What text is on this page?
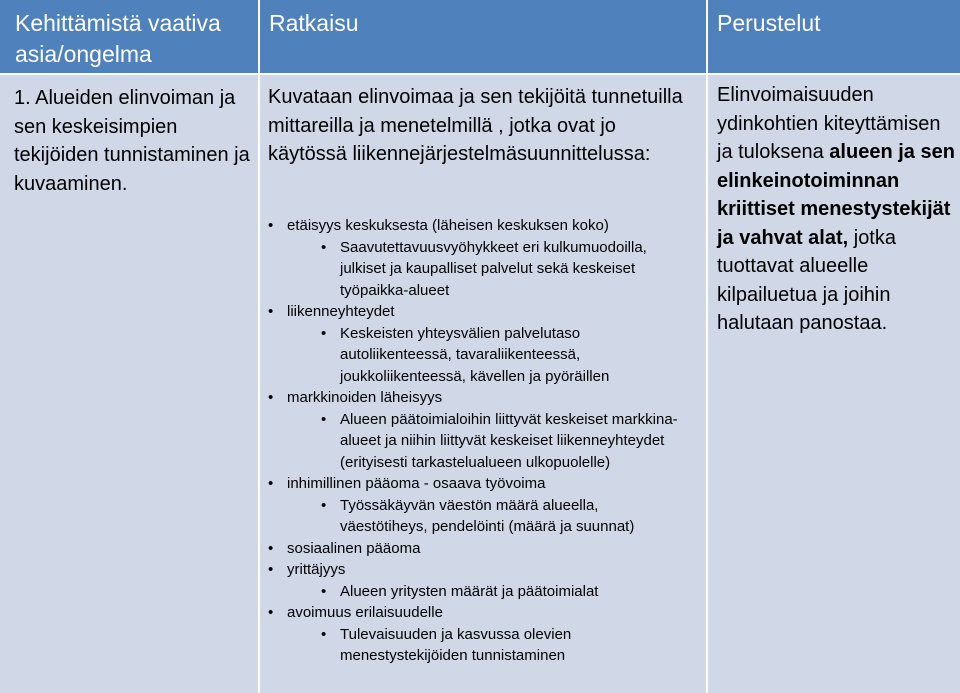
Kehittämistä vaativa asia/ongelma
Ratkaisu	Perustelut
1. Alueiden elinvoiman ja sen keskeisimpien tekijöiden tunnistaminen ja kuvaaminen.
Kuvataan elinvoimaa ja sen tekijöitä tunnetuilla mittareilla ja menetelmillä , jotka ovat jo käytössä liikennejärjestelmäsuunnittelussa:
• etäisyys keskuksesta (läheisen keskuksen koko)
• Saavutettavuusvyöhykkeet eri kulkumuodoilla, julkiset ja kaupalliset palvelut sekä keskeiset työpaikka-alueet
• liikenneyhteydet
• Keskeisten yhteysvälien palvelutaso autoliikenteessä, tavaraliikenteessä, joukkoliikenteessä, kävellen ja pyöräillen
• markkinoiden läheisyys
• Alueen päätoimialoihin liittyvät keskeiset markkina-alueet ja niihin liittyvät keskeiset liikenneyhteydet (erityisesti tarkastelualueen ulkopuolelle)
• inhimillinen pääoma - osaava työvoima
• Työssäkäyvän väestön määrä alueella, väestötiheys, pendelöinti (määrä ja suunnat)
• sosiaalinen pääoma
• yrittäjyys
• Alueen yritysten määrät ja päätoimialat
• avoimuus erilaisuudelle
• Tulevaisuuden ja kasvussa olevien menestystekijöiden tunnistaminen
Elinvoimaisuuden ydinkohtien kiteyttämisen ja tuloksena alueen ja sen elinkeinotoiminnan kriittiset menestystekijät ja vahvat alat, jotka tuottavat alueelle kilpailuetua ja joihin halutaan panostaa.
